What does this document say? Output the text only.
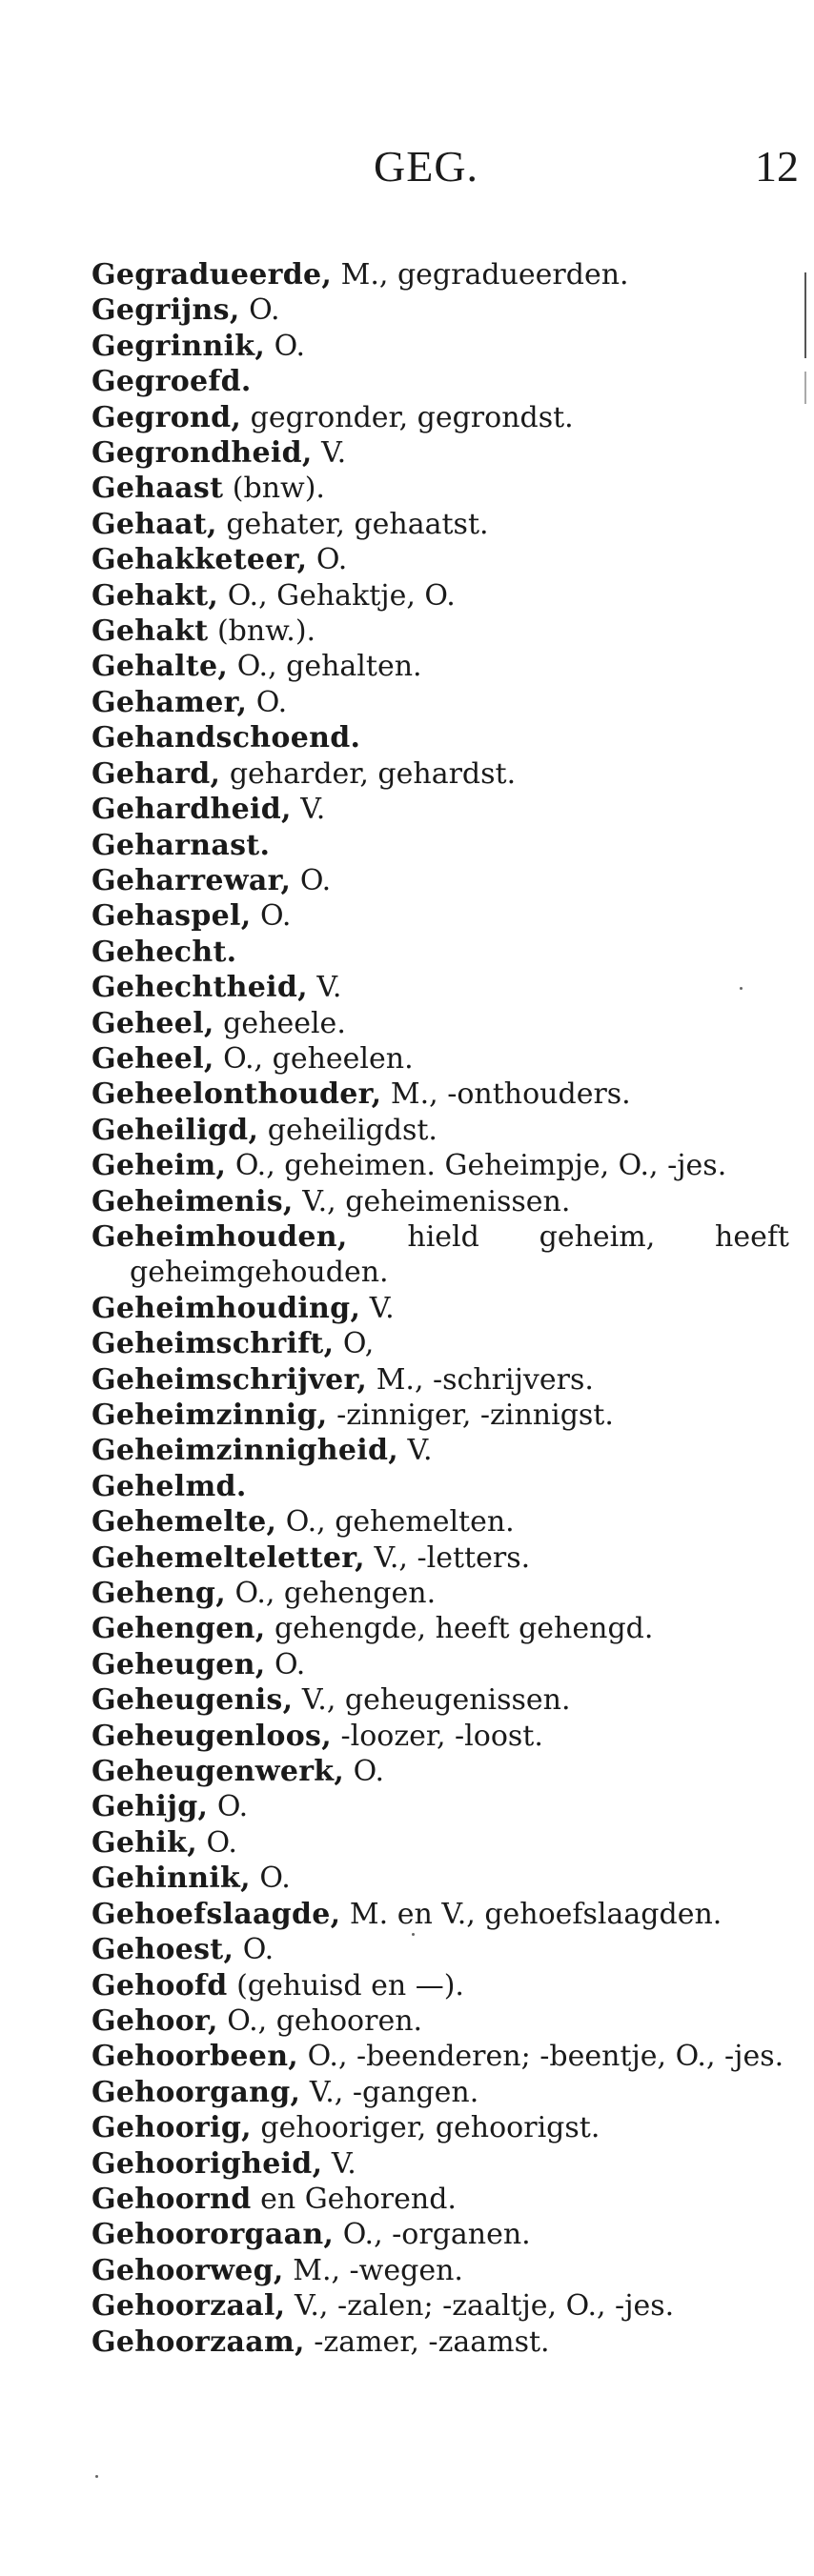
GEG.	12
Gegradueerde, M., gegradueerden.
Gegrijns, O.
Gegrinnik, O.
Gegroefd.
Gegrond, gegronder, gegrondst.
Gegrondheid, V.
Gehaast (bnw).
Gehaat, gehater, gehaatst.
Gehakketeer, O.
Gehakt, O., Gehaktje, O.
Gehakt (bnw.).
Gehalte, O., gehalten.
Gehamer, O.
Gehandschoend.
Gehard, geharder, gehardst.
Gehardheid, V.
Geharnast.
Geharrewar, O.
Gehaspel, O.
Gehecht.
Gehechtheid, V.
Geheel, geheele.
Geheel, O., geheelen.
Geheelonthouder, M., -onthouders.
Geheiligd, geheiligdst.
Geheim, O., geheimen. Geheimpje, O., -jes.
Geheimenis, V., geheimenissen.
Geheimhouden, hield geheim, heeft geheimgehouden.
Geheimhouding, V.
Geheimschrift, O,
Geheimschrijver, M., -schrijvers.
Geheimzinnig, -zinniger, -zinnigst.
Geheimzinnigheid, V.
Gehelmd.
Gehemelte, O., gehemelten.
Gehemelteletter, V., -letters.
Geheng, O., gehengen.
Gehengen, gehengde, heeft gehengd.
Geheugen, O.
Geheugenis, V., geheugenissen.
Geheugenloos, -loozer, -loost.
Geheugenwerk, O.
Gehijg, O.
Gehik, O.
Gehinnik, O.
Gehoefslaagde, M. en V., gehoefslaagden.
Gehoest, O.
Gehoofd (gehuisd en —).
Gehoor, O., gehooren.
Gehoorbeen, O., -beenderen; -beentje, O., -jes.
Gehoorgang, V., -gangen.
Gehoorig, gehooriger, gehoorigst.
Gehoorigheid, V.
Gehoornd en Gehorend.
Gehoororgaan, O., -organen.
Gehoorweg, M., -wegen.
Gehoorzaal, V., -zalen; -zaaltje, O., -jes.
Gehoorzaam, -zamer, -zaamst.
